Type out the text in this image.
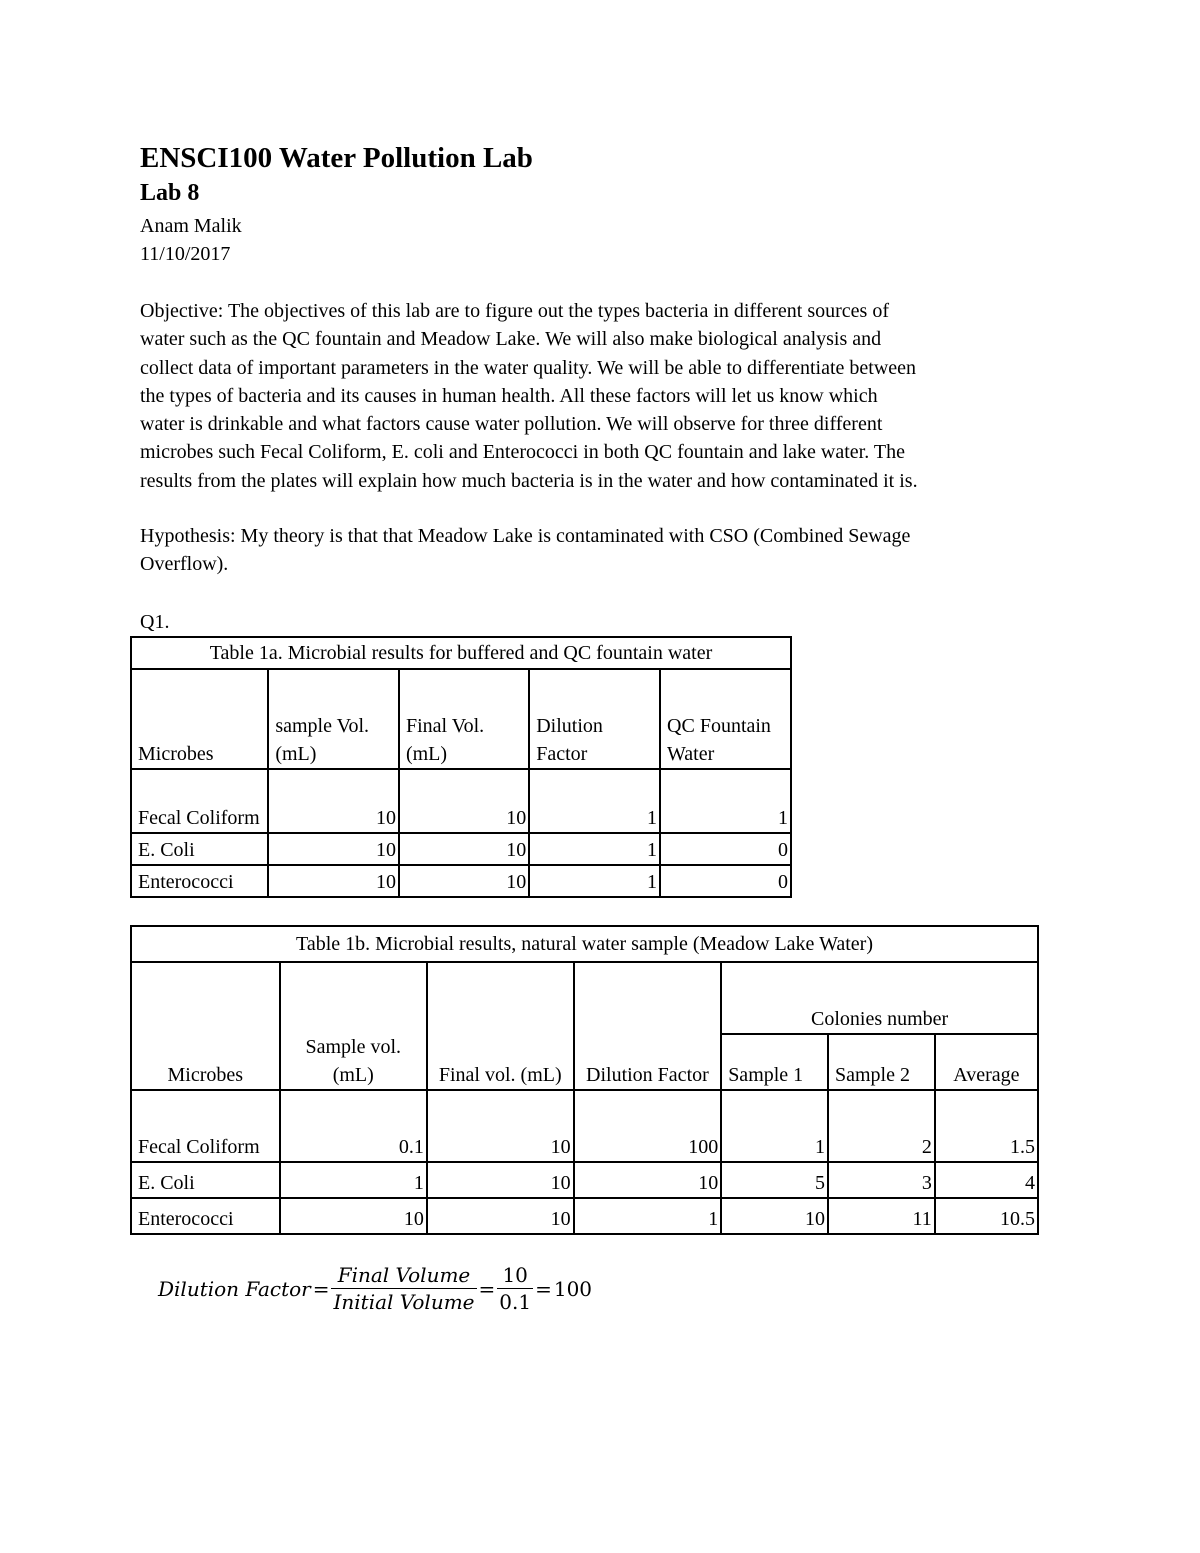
ENSCI100 Water Pollution Lab
Lab 8
Anam Malik
11/10/2017
Objective: The objectives of this lab are to figure out the types bacteria in different sources of
water such as the QC fountain and Meadow Lake. We will also make biological analysis and
collect data of important parameters in the water quality. We will be able to differentiate between
the types of bacteria and its causes in human health. All these factors will let us know which
water is drinkable and what factors cause water pollution. We will observe for three different
microbes such Fecal Coliform, E. coli and Enterococci in both QC fountain and lake water. The
results from the plates will explain how much bacteria is in the water and how contaminated it is.
Hypothesis: My theory is that that Meadow Lake is contaminated with CSO (Combined Sewage
Overflow).
Q1.
Table 1a. Microbial results for buffered and QC fountain water				
Microbes	sample Vol. (mL)	Final Vol. (mL)	Dilution Factor	QC Fountain Water
Fecal Coliform	10	10	1	1
E. Coli	10	10	1	0
Enterococci	10	10	1	0
Table 1b. Microbial results, natural water sample (Meadow Lake Water)						
Microbes	Sample vol. (mL)	Final vol. (mL)	Dilution Factor	Colonies number		
				Sample 1	Sample 2	Average
Fecal Coliform	0.1	10	100	1	2	1.5
E. Coli	1	10	10	5	3	4
Enterococci	10	10	1	10	11	10.5
Dilution Factor = $\frac{\text{Final Volume}}{\text{Initial Volume}} = \frac{10}{0.1} = 100$
